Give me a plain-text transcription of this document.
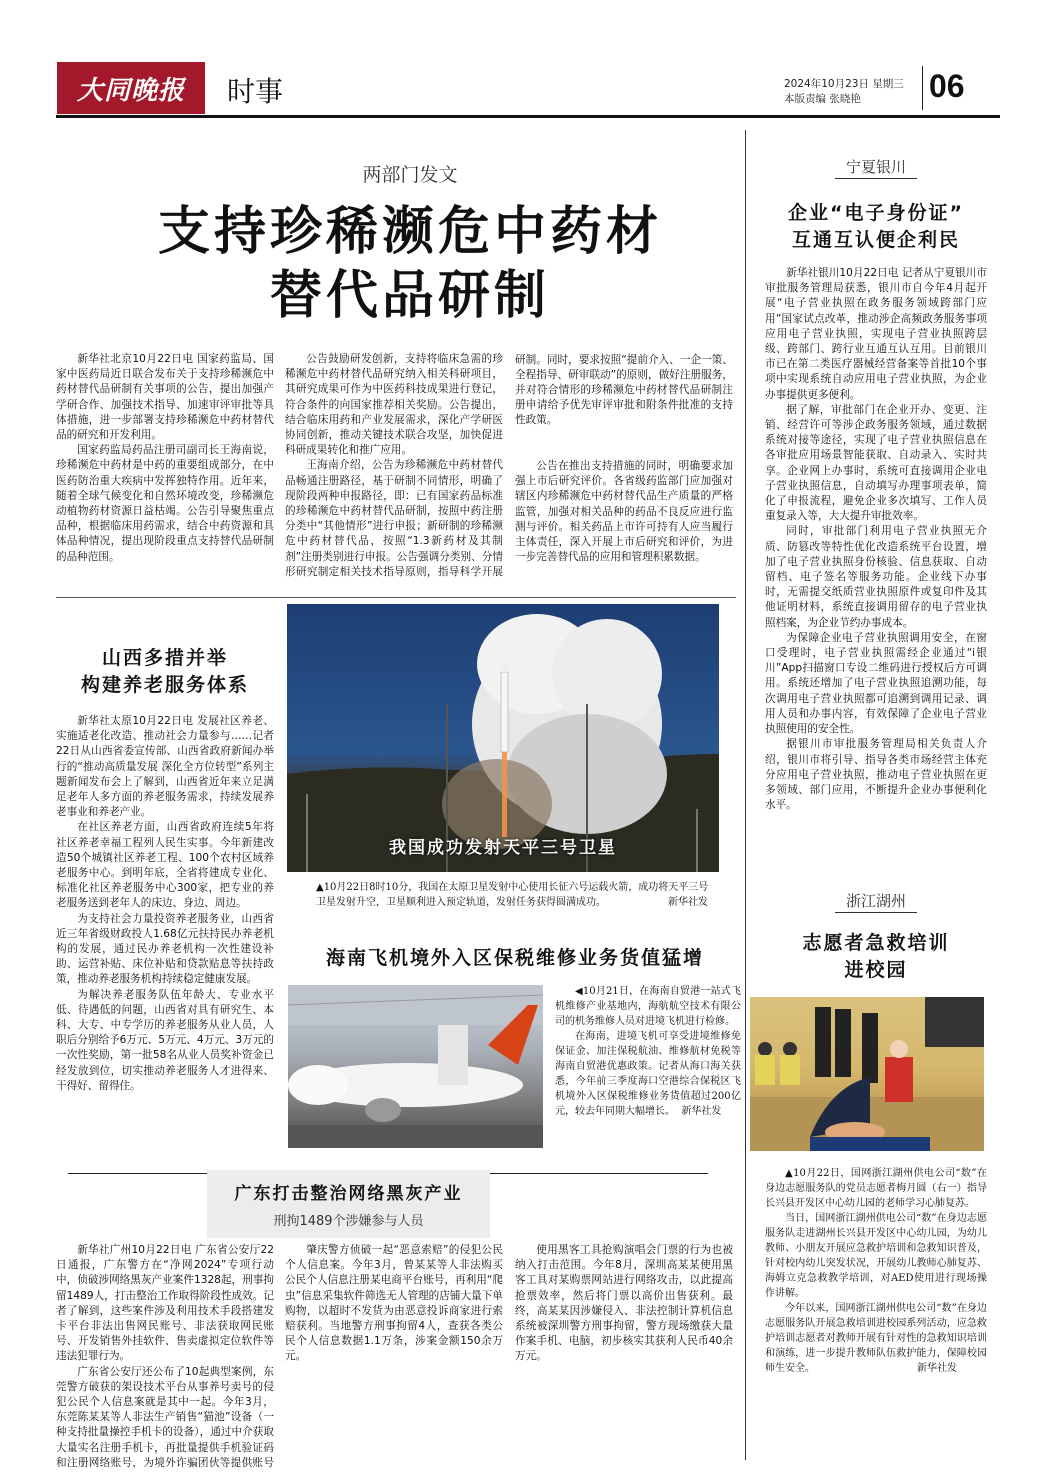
大同晚报 时事	2024年10月23日 星期三
本版责编 张晓艳	06
两部门发文
支持珍稀濒危中药材
替代品研制

新华社北京10月22日电 国家药监局、国家中医药局近日联合发布关于支持珍稀濒危中药材替代品研制有关事项的公告，提出加强产学研合作、加强技术指导、加速审评审批等具体措施，进一步部署支持珍稀濒危中药材替代品的研究和开发利用。

国家药监局药品注册司副司长王海南说，珍稀濒危中药材是中药的重要组成部分，在中医药防治重大疾病中发挥独特作用。近年来，随着全球气候变化和自然环境改变，珍稀濒危动植物药材资源日益枯竭。公告引导聚焦重点品种，根据临床用药需求，结合中药资源和具体品种情况，提出现阶段重点支持替代品研制的品种范围。

公告鼓励研发创新，支持将临床急需的珍稀濒危中药材替代品研究纳入相关科研项目，其研究成果可作为中医药科技成果进行登记，符合条件的向国家推荐相关奖励。公告提出，结合临床用药和产业发展需求，深化产学研医协同创新，推动关键技术联合攻坚，加快促进科研成果转化和推广应用。

王海南介绍，公告为珍稀濒危中药材替代品畅通注册路径，基于研制不同情形，明确了现阶段两种申报路径，即：已有国家药品标准的珍稀濒危中药材替代品研制，按照中药注册分类中“其他情形”进行申报；新研制的珍稀濒危中药材替代品，按照“1.3新药材及其制剂”注册类别进行申报。公告强调分类别、分情形研究制定相关技术指导原则，指导科学开展

研制。同时，要求按照“提前介入、一企一策、全程指导、研审联动”的原则，做好注册服务，并对符合情形的珍稀濒危中药材替代品研制注册申请给予优先审评审批和附条件批准的支持性政策。

公告在推出支持措施的同时，明确要求加强上市后研究评价。各省级药监部门应加强对辖区内珍稀濒危中药材替代品生产质量的严格监管，加强对相关品种的药品不良反应进行监测与评价。相关药品上市许可持有人应当履行主体责任，深入开展上市后研究和评价，为进一步完善替代品的应用和管理积累数据。

山西多措并举
构建养老服务体系

新华社太原10月22日电 发展社区养老、实施适老化改造、推动社会力量参与……记者22日从山西省委宣传部、山西省政府新闻办举行的“推动高质量发展 深化全方位转型”系列主题新闻发布会上了解到，山西省近年来立足满足老年人多方面的养老服务需求，持续发展养老事业和养老产业。

在社区养老方面，山西省政府连续5年将社区养老幸福工程列人民生实事。今年新建改造50个城镇社区养老工程、100个农村区域养老服务中心。到明年底，全省将建成专业化、标准化社区养老服务中心300家，把专业的养老服务送到老年人的床边、身边、周边。

为支持社会力量投资养老服务业，山西省近三年省级财政投人1.68亿元扶持民办养老机构的发展，通过民办养老机构一次性建设补助、运营补贴、床位补贴和贷款贴息等扶持政策，推动养老服务机构持续稳定健康发展。

为解决养老服务队伍年龄大、专业水平低、待遇低的问题，山西省对具有研究生、本科、大专、中专学历的养老服务从业人员，人职后分别给予6万元、5万元、4万元、3万元的一次性奖励，第一批58名从业人员奖补资金已经发放到位，切实推动养老服务人才进得来、干得好、留得住。

我国成功发射天平三号卫星
▲10月22日8时10分，我国在太原卫星发射中心使用长征六号运载火箭，成功将天平三号卫星发射升空，卫星顺利进入预定轨道，发射任务获得圆满成功。	新华社发
海南飞机境外入区保税维修业务货值猛增

◀10月21日，在海南自贸港一站式飞机维修产业基地内，海航航空技术有限公司的机务维修人员对进境飞机进行检修。

在海南，进境飞机可享受进境维修免保证金、加注保税航油、维修航材免税等海南自贸港优惠政策。记者从海口海关获悉，今年前三季度海口空港综合保税区飞机境外入区保税维修业务货值超过200亿元，较去年同期大幅增长。 新华社发

广东打击整治网络黑灰产业
刑拘1489个涉嫌参与人员

新华社广州10月22日电 广东省公安厅22日通报，广东警方在“净网2024”专项行动中，侦破涉网络黑灰产业案件1328起，刑事拘留1489人，打击整治工作取得阶段性成效。记者了解到，这些案件涉及利用技术手段搭建发卡平台非法出售网民账号、非法获取网民账号、开发销售外挂软件、售卖虚拟定位软件等违法犯罪行为。

广东省公安厅还公布了10起典型案例，东莞警方破获的架设技术平台从事养号卖号的侵犯公民个人信息案就是其中一起。今年3月，东莞陈某某等人非法生产销售“猫池”设备（一种支持批量操控手机卡的设备），通过中介获取大量实名注册手机卡，再批量提供手机验证码和注册网络账号，为境外诈骗团伙等提供账号

肇庆警方侦破一起“恶意索赔”的侵犯公民个人信息案。今年3月，曾某某等人非法购买公民个人信息注册某电商平台账号，再利用“爬虫”信息采集软件筛选无人管理的店铺大量下单购物，以超时不发货为由恶意投诉商家进行索赔获利。当地警方刑事拘留4人，查获各类公民个人信息数据1.1万条，涉案金额150余万元。

使用黑客工具抢购演唱会门票的行为也被纳入打击范围。今年8月，深圳高某某使用黑客工具对某购票网站进行网络攻击，以此提高抢票效率，然后将门票以高价出售获利。最终，高某某因涉嫌侵入、非法控制计算机信息系统被深圳警方刑事拘留，警方现场缴获大量作案手机、电脑，初步核实其获利人民币40余万元。

宁夏银川
企业“电子身份证”
互通互认便企利民

新华社银川10月22日电 记者从宁夏银川市审批服务管理局获悉，银川市自今年4月起开展“电子营业执照在政务服务领域跨部门应用”国家试点改革，推动涉企高频政务服务事项应用电子营业执照，实现电子营业执照跨层级、跨部门、跨行业互通互认互用。目前银川市已在第二类医疗器械经营备案等首批10个事项中实现系统自动应用电子营业执照，为企业办事提供更多便利。

据了解，审批部门在企业开办、变更、注销、经营许可等涉企政务服务领域，通过数据系统对接等途径，实现了电子营业执照信息在各审批应用场景智能获取、自动录入、实时共享。企业网上办事时，系统可直接调用企业电子营业执照信息，自动填写办理事项表单，简化了申报流程，避免企业多次填写、工作人员重复录入等，大大提升审批效率。

同时，审批部门利用电子营业执照无介质、防篡改等特性优化改造系统平台设置，增加了电子营业执照身份核验、信息获取、自动留档、电子签名等服务功能。企业线下办事时，无需提交纸质营业执照原件或复印件及其他证明材料，系统直接调用留存的电子营业执照档案，为企业节约办事成本。

为保障企业电子营业执照调用安全，在窗口受理时，电子营业执照需经企业通过“i银川”App扫描窗口专设二维码进行授权后方可调用。系统还增加了电子营业执照追溯功能，每次调用电子营业执照都可追溯到调用记录、调用人员和办事内容，有效保障了企业电子营业执照使用的安全性。

据银川市审批服务管理局相关负责人介绍，银川市将引导、指导各类市场经营主体充分应用电子营业执照，推动电子营业执照在更多领域、部门应用，不断提升企业办事便利化水平。

浙江湖州
志愿者急救培训
进校园

▲10月22日，国网浙江湖州供电公司“数”在身边志愿服务队的党员志愿者梅月圆（右一）指导长兴县开发区中心幼儿园的老师学习心肺复苏。

当日，国网浙江湖州供电公司“数”在身边志愿服务队走进湖州长兴县开发区中心幼儿园，为幼儿教师、小朋友开展应急救护培训和急救知识普及，针对校内幼儿突发状况，开展幼儿教师心肺复苏、海姆立克急救教学培训，对AED使用进行现场操作讲解。

今年以来，国网浙江湖州供电公司“数”在身边志愿服务队开展急救培训进校园系列活动，应急救护培训志愿者对教师开展有针对性的急救知识培训和演练，进一步提升教师队伍救护能力，保障校园师生安全。	新华社发
